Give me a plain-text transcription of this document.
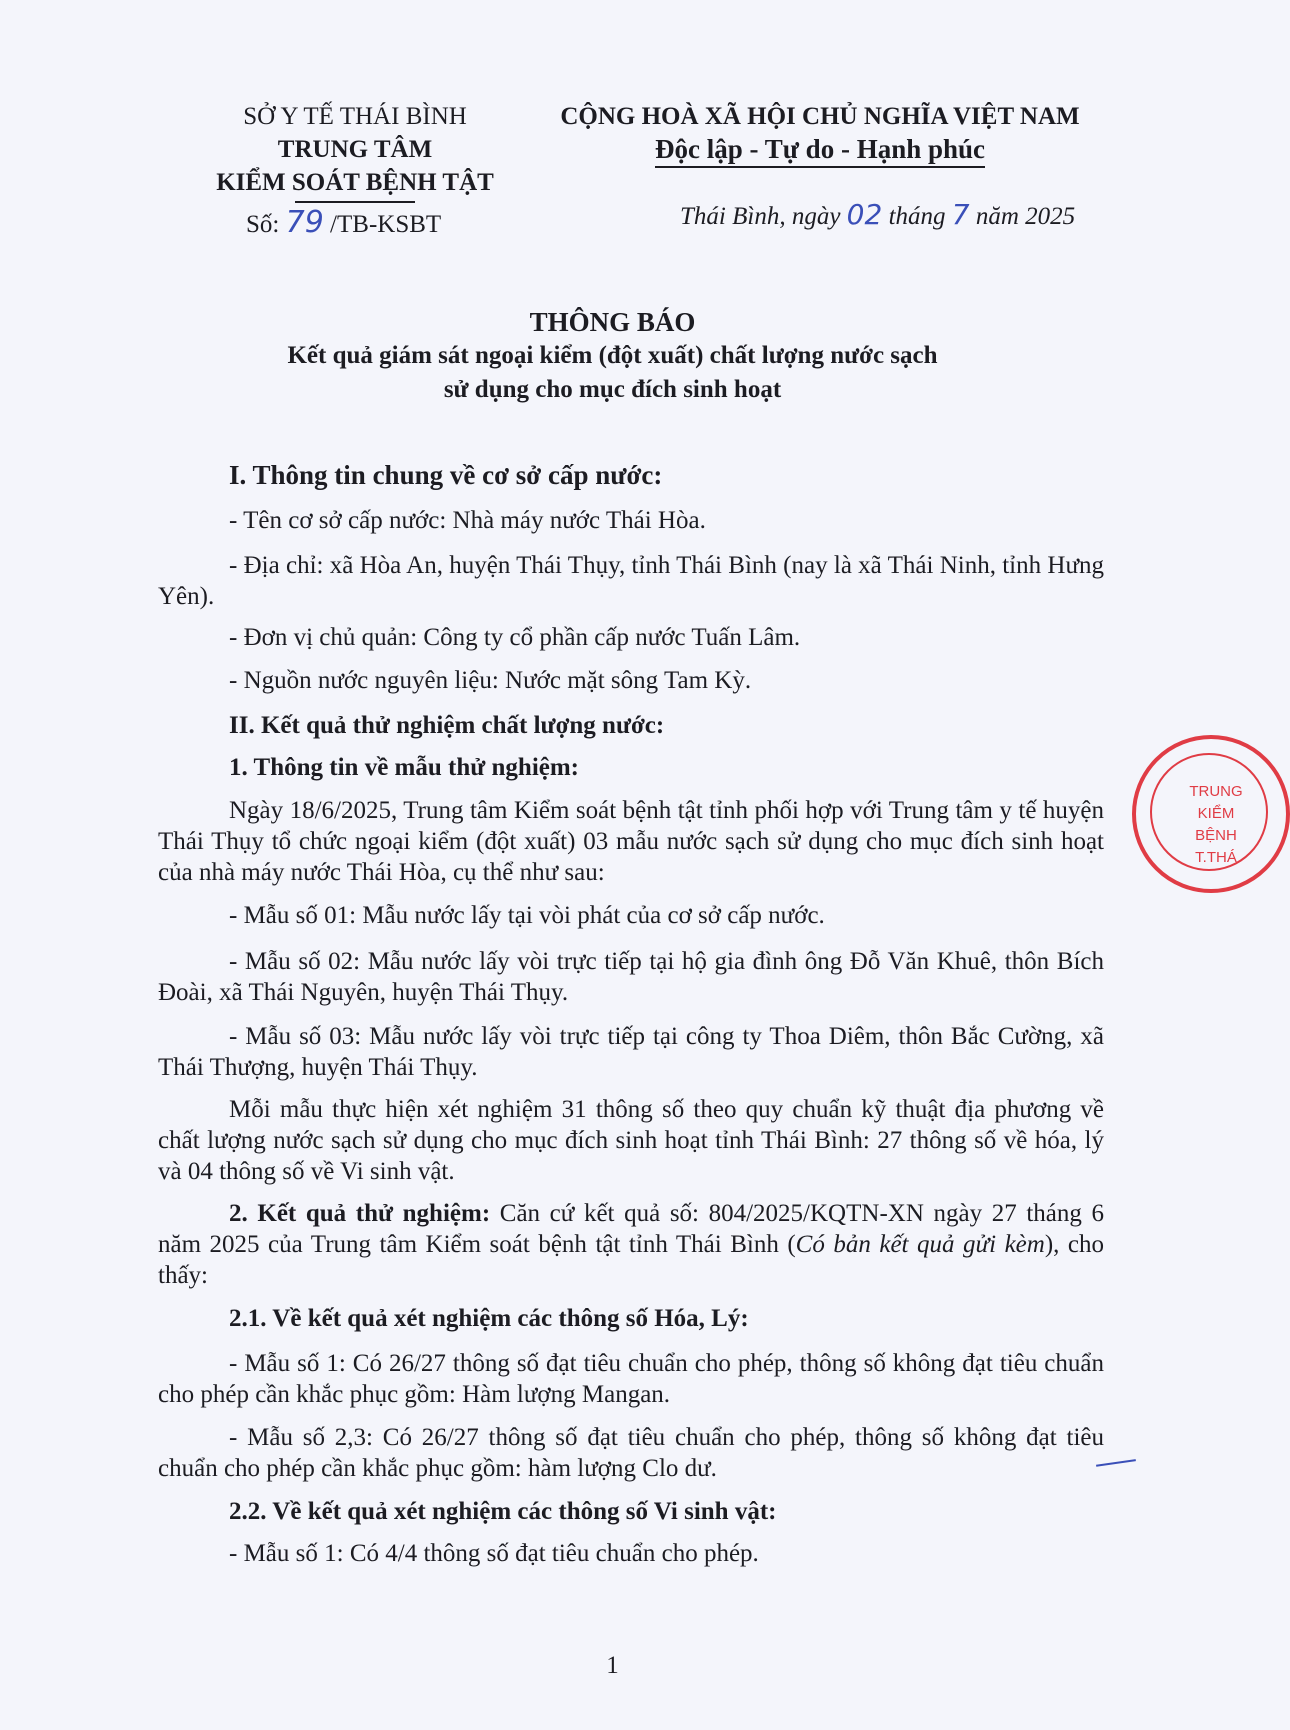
SỞ Y TẾ THÁI BÌNH
TRUNG TÂM
KIỂM SOÁT BỆNH TẬT
Số: 79 /TB-KSBT
CỘNG HOÀ XÃ HỘI CHỦ NGHĨA VIỆT NAM
Độc lập - Tự do - Hạnh phúc
Thái Bình, ngày 02 tháng 7 năm 2025
THÔNG BÁO
Kết quả giám sát ngoại kiểm (đột xuất) chất lượng nước sạch
sử dụng cho mục đích sinh hoạt
I. Thông tin chung về cơ sở cấp nước:
- Tên cơ sở cấp nước: Nhà máy nước Thái Hòa.
- Địa chỉ: xã Hòa An, huyện Thái Thụy, tỉnh Thái Bình (nay là xã Thái Ninh, tỉnh Hưng Yên).
- Đơn vị chủ quản: Công ty cổ phần cấp nước Tuấn Lâm.
- Nguồn nước nguyên liệu: Nước mặt sông Tam Kỳ.
II. Kết quả thử nghiệm chất lượng nước:
1. Thông tin về mẫu thử nghiệm:
Ngày 18/6/2025, Trung tâm Kiểm soát bệnh tật tỉnh phối hợp với Trung tâm y tế huyện Thái Thụy tổ chức ngoại kiểm (đột xuất) 03 mẫu nước sạch sử dụng cho mục đích sinh hoạt của nhà máy nước Thái Hòa, cụ thể như sau:
- Mẫu số 01: Mẫu nước lấy tại vòi phát của cơ sở cấp nước.
- Mẫu số 02: Mẫu nước lấy vòi trực tiếp tại hộ gia đình ông Đỗ Văn Khuê, thôn Bích Đoài, xã Thái Nguyên, huyện Thái Thụy.
- Mẫu số 03: Mẫu nước lấy vòi trực tiếp tại công ty Thoa Diêm, thôn Bắc Cường, xã Thái Thượng, huyện Thái Thụy.
Mỗi mẫu thực hiện xét nghiệm 31 thông số theo quy chuẩn kỹ thuật địa phương về chất lượng nước sạch sử dụng cho mục đích sinh hoạt tỉnh Thái Bình: 27 thông số về hóa, lý và 04 thông số về Vi sinh vật.
2. Kết quả thử nghiệm: Căn cứ kết quả số: 804/2025/KQTN-XN ngày 27 tháng 6 năm 2025 của Trung tâm Kiểm soát bệnh tật tỉnh Thái Bình (Có bản kết quả gửi kèm), cho thấy:
2.1. Về kết quả xét nghiệm các thông số Hóa, Lý:
- Mẫu số 1: Có 26/27 thông số đạt tiêu chuẩn cho phép, thông số không đạt tiêu chuẩn cho phép cần khắc phục gồm: Hàm lượng Mangan.
- Mẫu số 2,3: Có 26/27 thông số đạt tiêu chuẩn cho phép, thông số không đạt tiêu chuẩn cho phép cần khắc phục gồm: hàm lượng Clo dư.
2.2. Về kết quả xét nghiệm các thông số Vi sinh vật:
- Mẫu số 1: Có 4/4 thông số đạt tiêu chuẩn cho phép.
1
TRUNG
KIỂM
BỆNH
T.THÁ
